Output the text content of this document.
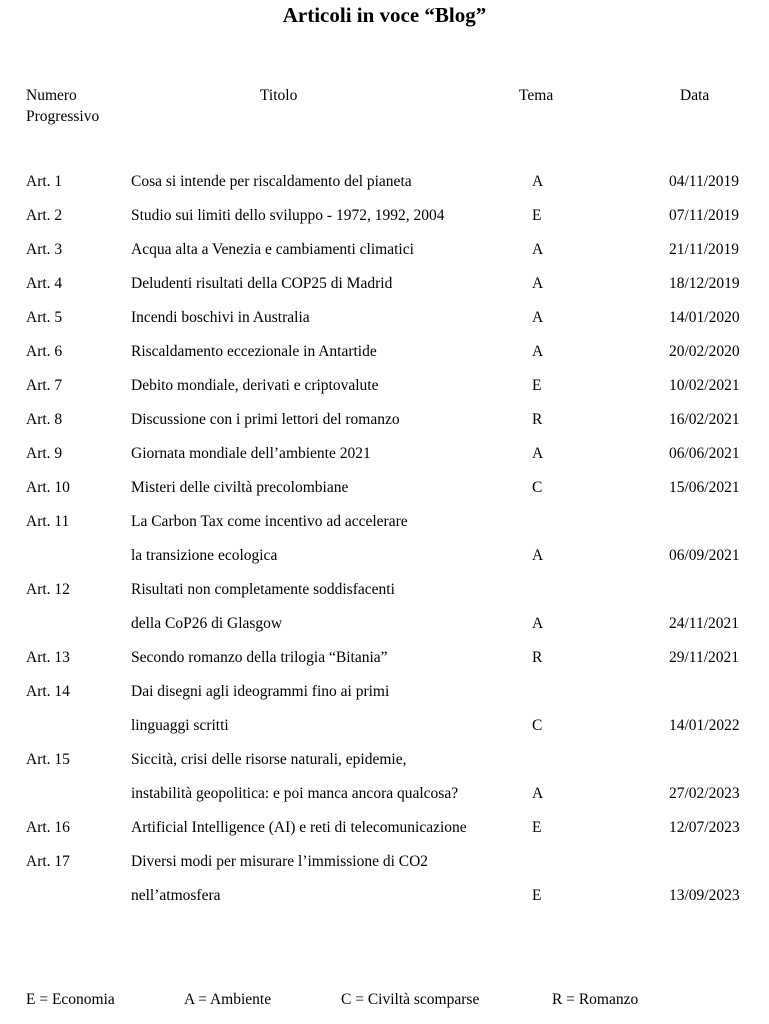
Articoli in voce “Blog”
Numero
Progressivo
Titolo	Tema	Data
Art. 1	Cosa si intende per riscaldamento del pianeta	A	04/11/2019
Art. 2	Studio sui limiti dello sviluppo - 1972, 1992, 2004	E	07/11/2019
Art. 3	Acqua alta a Venezia e cambiamenti climatici	A	21/11/2019
Art. 4	Deludenti risultati della COP25 di Madrid	A	18/12/2019
Art. 5	Incendi boschivi in Australia	A	14/01/2020
Art. 6	Riscaldamento eccezionale in Antartide	A	20/02/2020
Art. 7	Debito mondiale, derivati e criptovalute	E	10/02/2021
Art. 8	Discussione con i primi lettori del romanzo	R	16/02/2021
Art. 9	Giornata mondiale dell’ambiente 2021	A	06/06/2021
Art. 10	Misteri delle civiltà precolombiane	C	15/06/2021
Art. 11	La Carbon Tax come incentivo ad accelerare
la transizione ecologica	A	06/09/2021
Art. 12	Risultati non completamente soddisfacenti
della CoP26 di Glasgow	A	24/11/2021
Art. 13	Secondo romanzo della trilogia “Bitania”	R	29/11/2021
Art. 14	Dai disegni agli ideogrammi fino ai primi
linguaggi scritti	C	14/01/2022
Art. 15	Siccità, crisi delle risorse naturali, epidemie,
instabilità geopolitica: e poi manca ancora qualcosa?	A	27/02/2023
Art. 16	Artificial Intelligence (AI) e reti di telecomunicazione	E	12/07/2023
Art. 17	Diversi modi per misurare l’immissione di CO2
nell’atmosfera	E	13/09/2023
E = Economia	A = Ambiente	C = Civiltà scomparse	R = Romanzo
